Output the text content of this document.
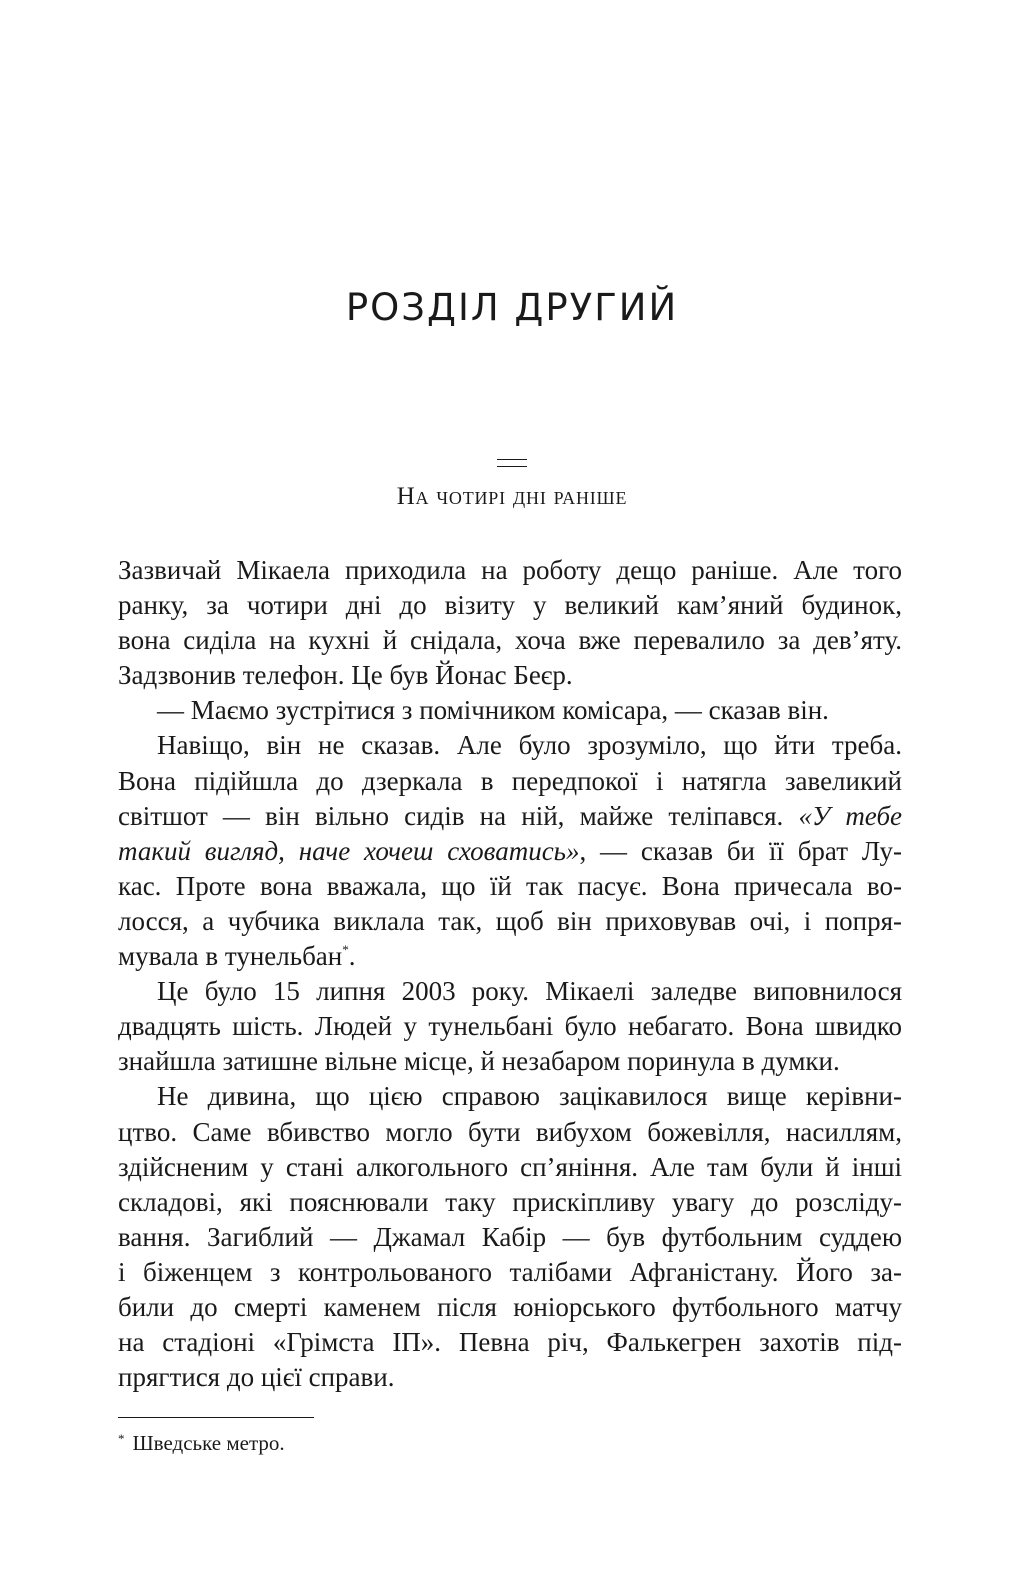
РОЗДІЛ ДРУГИЙ
На чотирі дні раніше
Зазвичай Мікаела приходила на роботу дещо раніше. Але того
ранку, за чотири дні до візиту у великий кам’яний будинок,
вона сиділа на кухні й снідала, хоча вже перевалило за дев’яту.
Задзвонив телефон. Це був Йонас Беєр.
— Маємо зустрітися з помічником комісара, — сказав він.
Навіщо, він не сказав. Але було зрозуміло, що йти треба.
Вона підійшла до дзеркала в передпокої і натягла завеликий
світшот — він вільно сидів на ній, майже теліпався. «У тебе
такий вигляд, наче хочеш сховатись», — сказав би її брат Лу-
кас. Проте вона вважала, що їй так пасує. Вона причесала во-
лосся, а чубчика виклала так, щоб він приховував очі, і попря-
мувала в тунельбан*.
Це було 15 липня 2003 року. Мікаелі заледве виповнилося
двадцять шість. Людей у тунельбані було небагато. Вона швидко
знайшла затишне вільне місце, й незабаром поринула в думки.
Не дивина, що цією справою зацікавилося вище керівни-
цтво. Саме вбивство могло бути вибухом божевілля, насиллям,
здійсненим у стані алкогольного сп’яніння. Але там були й інші
складові, які пояснювали таку прискіпливу увагу до розсліду-
вання. Загиблий — Джамал Кабір — був футбольним суддею
і біженцем з контрольованого талібами Афганістану. Його за-
били до смерті каменем після юніорського футбольного матчу
на стадіоні «Грімста ІП». Певна річ, Фалькегрен захотів під-
прягтися до цієї справи.

* Шведське метро.
